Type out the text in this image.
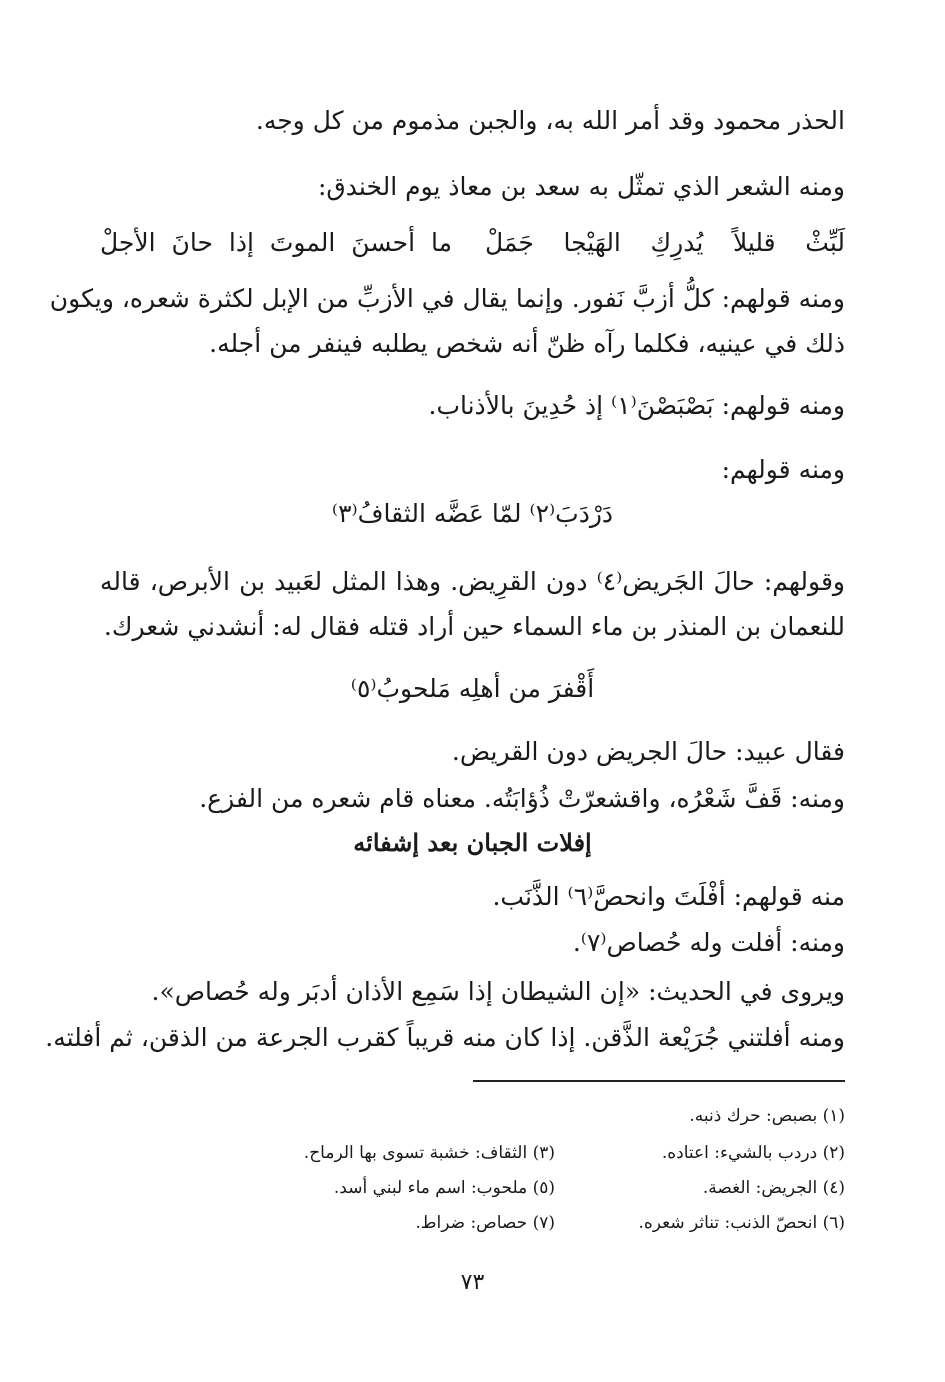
الحذر محمود وقد أمر الله به، والجبن مذموم من كل وجه.
ومنه الشعر الذي تمثّل به سعد بن معاذ يوم الخندق:
لَبِّثْ قليلاً يُدرِكِ الهَيْجا جَمَلْ
ما أحسنَ الموتَ إذا حانَ الأجلْ
ومنه قولهم: كلُّ أزبَّ نَفور. وإنما يقال في الأزبِّ من الإبل لكثرة شعره، ويكون
ذلك في عينيه، فكلما رآه ظنّ أنه شخص يطلبه فينفر من أجله.
ومنه قولهم: بَصْبَصْنَ⁽١⁾ إذ حُدِينَ بالأذناب.
ومنه قولهم:
دَرْدَبَ⁽٢⁾ لمّا عَضَّه الثقافُ⁽٣⁾
وقولهم: حالَ الجَريض⁽٤⁾ دون القرِيض. وهذا المثل لعَبيد بن الأبرص، قاله
للنعمان بن المنذر بن ماء السماء حين أراد قتله فقال له: أنشدني شعرك.
أَقْفرَ من أهلِه مَلحوبُ⁽٥⁾
فقال عبيد: حالَ الجريض دون القريض.
ومنه: قَفَّ شَعْرُه، واقشعرّتْ ذُؤابَتُه. معناه قام شعره من الفزع.
إفلات الجبان بعد إشفائه
منه قولهم: أفْلَتَ وانحصَّ⁽٦⁾ الذَّنَب.
ومنه: أفلت وله حُصاص⁽٧⁾.
ويروى في الحديث: «إن الشيطان إذا سَمِع الأذان أدبَر وله حُصاص».
ومنه أفلتني جُرَيْعة الذَّقن. إذا كان منه قريباً كقرب الجرعة من الذقن، ثم أفلته.
(١) بصبص: حرك ذنبه.
(٢) دردب بالشيء: اعتاده.
(٣) الثقاف: خشبة تسوى بها الرماح.
(٤) الجريض: الغصة.
(٥) ملحوب: اسم ماء لبني أسد.
(٦) انحصّ الذنب: تناثر شعره.
(٧) حصاص: ضراط.
٧٣
